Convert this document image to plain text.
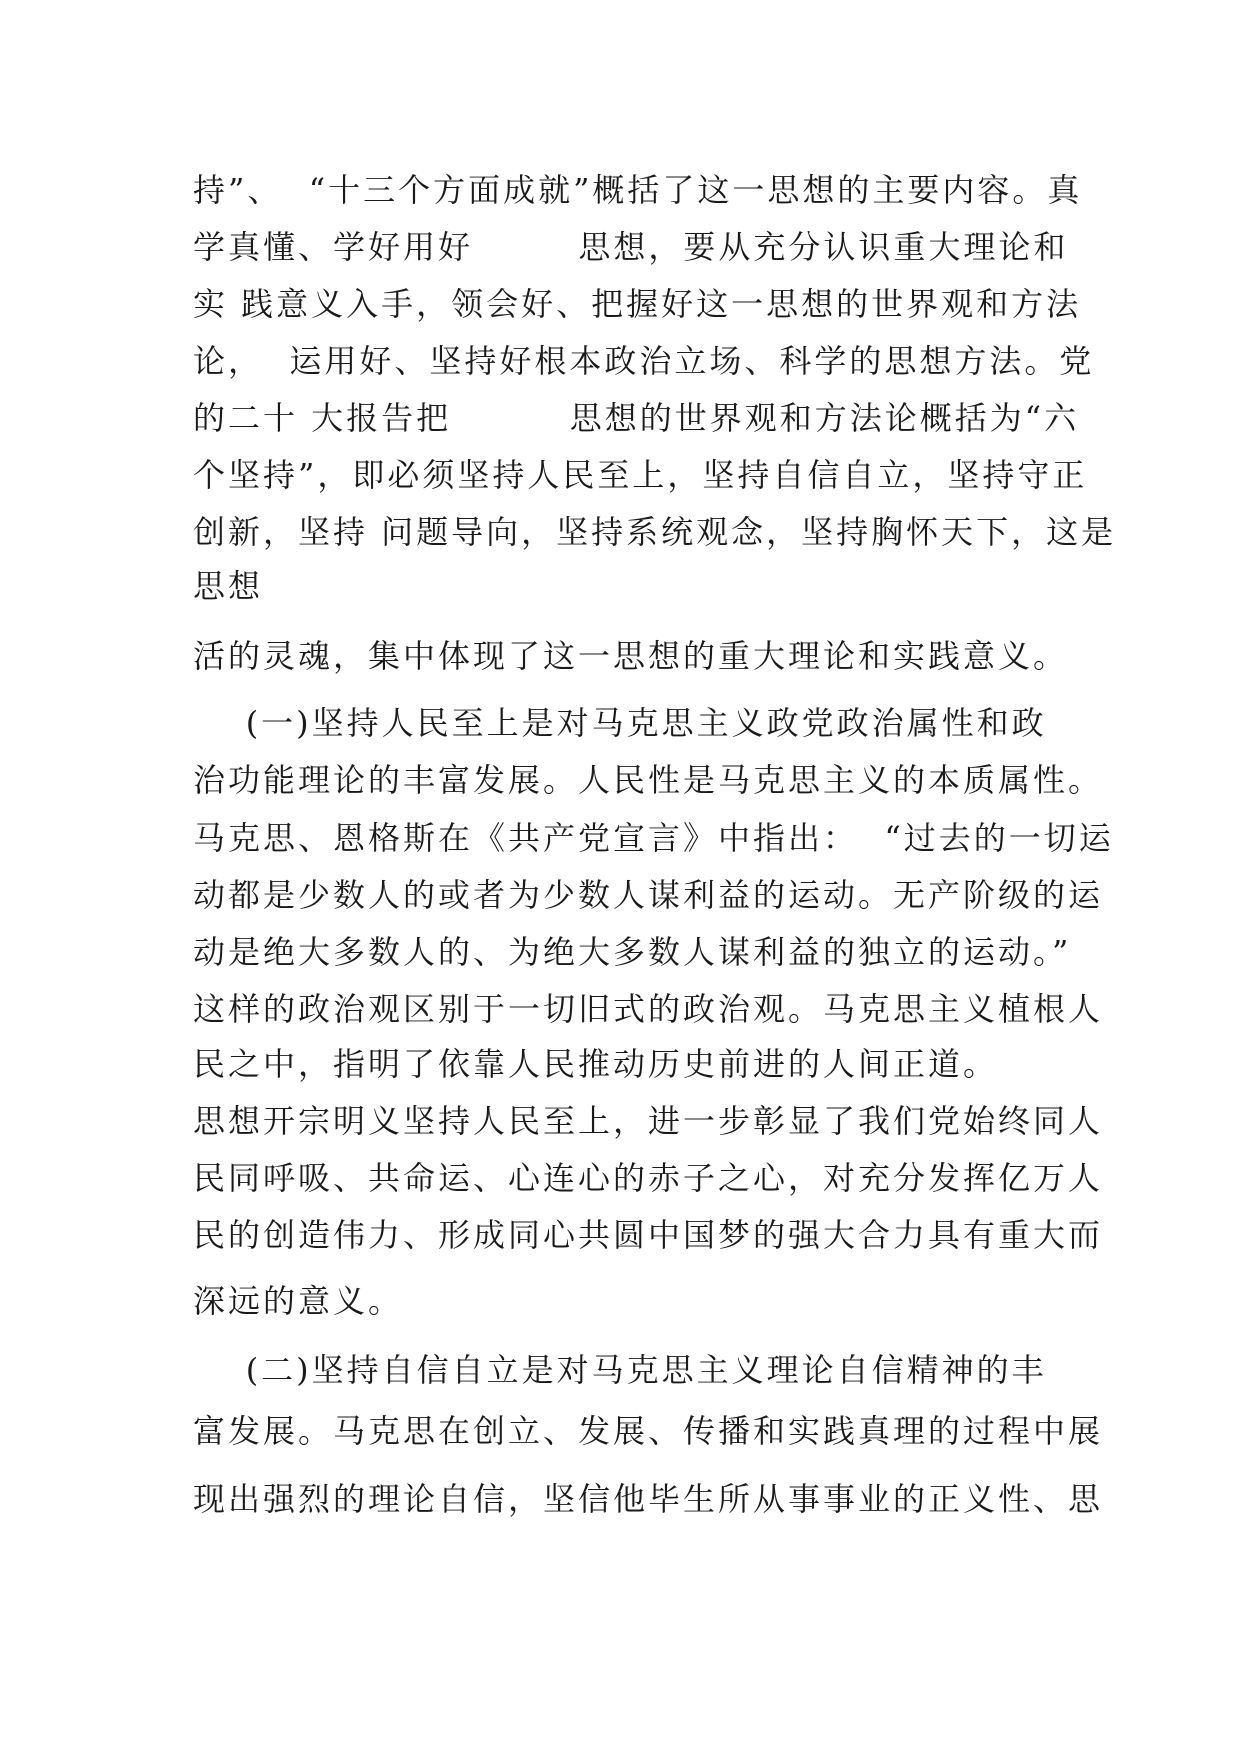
持”、  “十三个方面成就”概括了这一思想的主要内容。真
学真懂、学好用好        思想，要从充分认识重大理论和
实 践意义入手，领会好、把握好这一思想的世界观和方法
论，  运用好、坚持好根本政治立场、科学的思想方法。党
的二十 大报告把         思想的世界观和方法论概括为“六
个坚持”，即必须坚持人民至上，坚持自信自立，坚持守正
创新，坚持 问题导向，坚持系统观念，坚持胸怀天下，这是
思想
活的灵魂，集中体现了这一思想的重大理论和实践意义。
(一)坚持人民至上是对马克思主义政党政治属性和政
治功能理论的丰富发展。人民性是马克思主义的本质属性。
马克思、恩格斯在《共产党宣言》中指出：  “过去的一切运
动都是少数人的或者为少数人谋利益的运动。无产阶级的运
动是绝大多数人的、为绝大多数人谋利益的独立的运动。”
这样的政治观区别于一切旧式的政治观。马克思主义植根人
民之中，指明了依靠人民推动历史前进的人间正道。
思想开宗明义坚持人民至上，进一步彰显了我们党始终同人
民同呼吸、共命运、心连心的赤子之心，对充分发挥亿万人
民的创造伟力、形成同心共圆中国梦的强大合力具有重大而
深远的意义。
(二)坚持自信自立是对马克思主义理论自信精神的丰
富发展。马克思在创立、发展、传播和实践真理的过程中展
现出强烈的理论自信，坚信他毕生所从事事业的正义性、思
